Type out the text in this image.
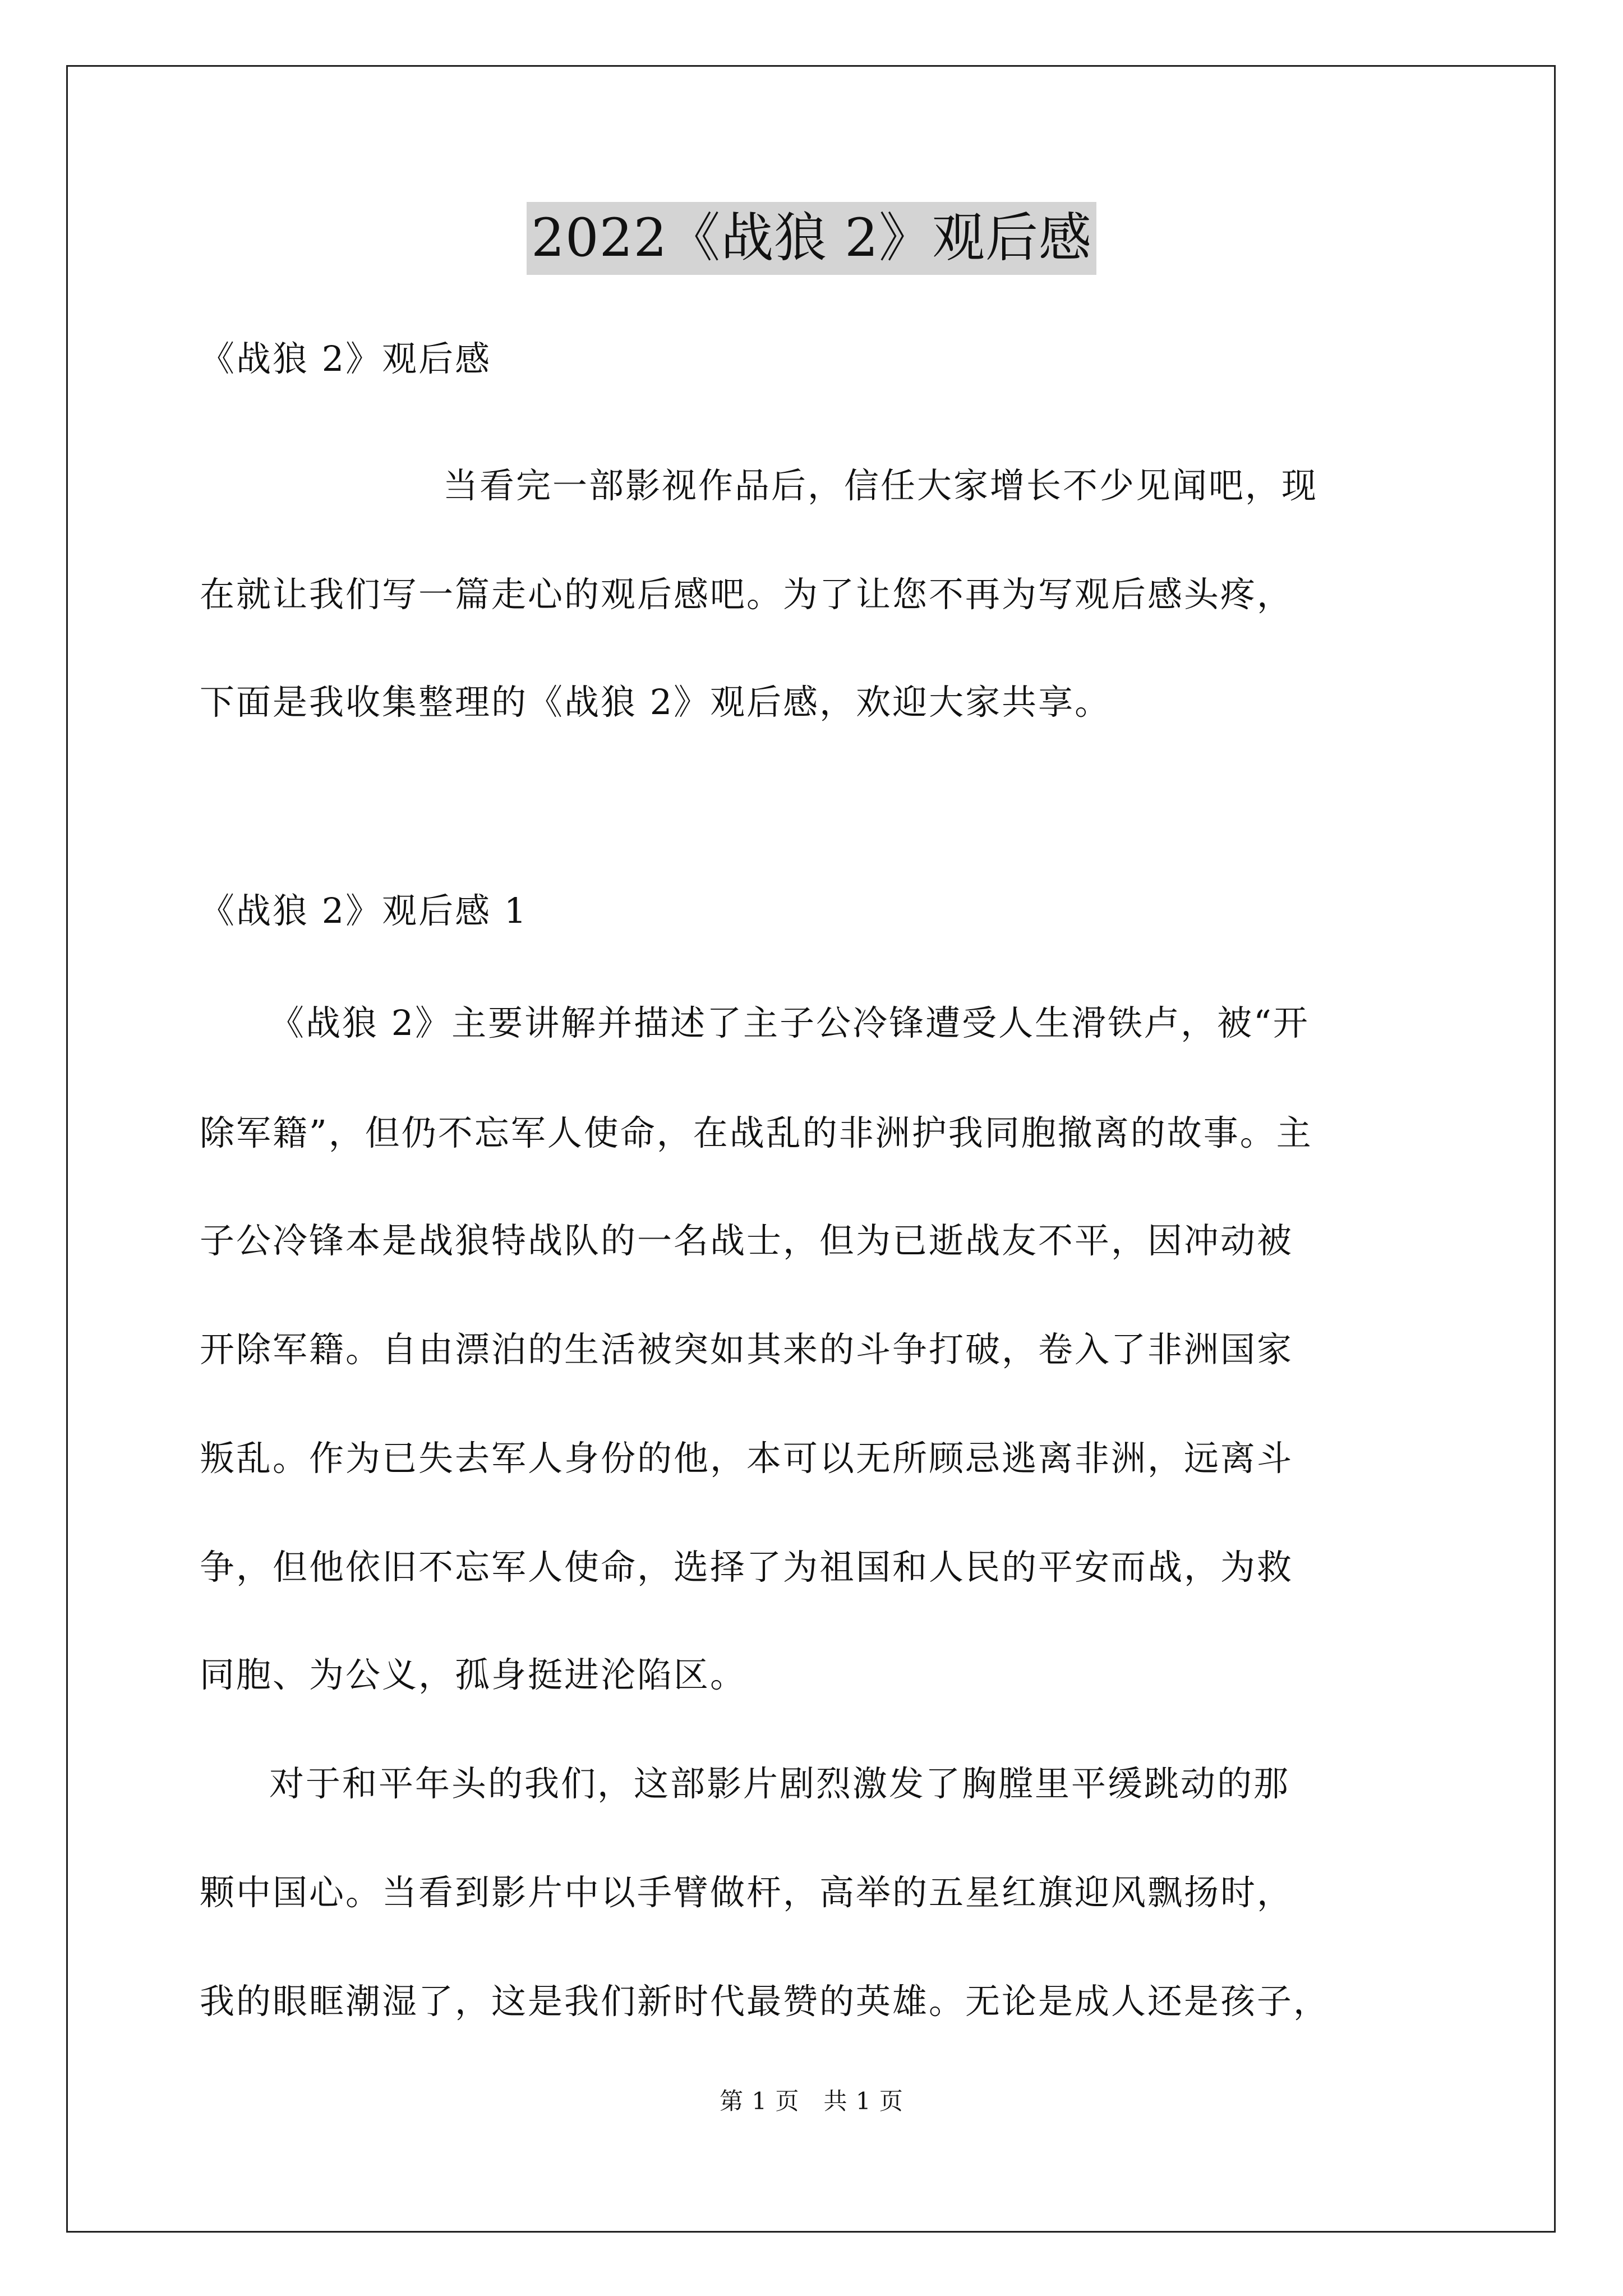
2022《战狼 2》观后感
《战狼 2》观后感
当看完一部影视作品后，信任大家增长不少见闻吧，现
在就让我们写一篇走心的观后感吧。为了让您不再为写观后感头疼，
下面是我收集整理的《战狼 2》观后感，欢迎大家共享。
《战狼 2》观后感 1
《战狼 2》主要讲解并描述了主子公冷锋遭受人生滑铁卢，被“开
除军籍”，但仍不忘军人使命，在战乱的非洲护我同胞撤离的故事。主
子公冷锋本是战狼特战队的一名战士，但为已逝战友不平，因冲动被
开除军籍。自由漂泊的生活被突如其来的斗争打破，卷入了非洲国家
叛乱。作为已失去军人身份的他，本可以无所顾忌逃离非洲，远离斗
争，但他依旧不忘军人使命，选择了为祖国和人民的平安而战，为救
同胞、为公义，孤身挺进沦陷区。
对于和平年头的我们，这部影片剧烈激发了胸膛里平缓跳动的那
颗中国心。当看到影片中以手臂做杆，高举的五星红旗迎风飘扬时，
我的眼眶潮湿了，这是我们新时代最赞的英雄。无论是成人还是孩子，
第 1 页　共 1 页
